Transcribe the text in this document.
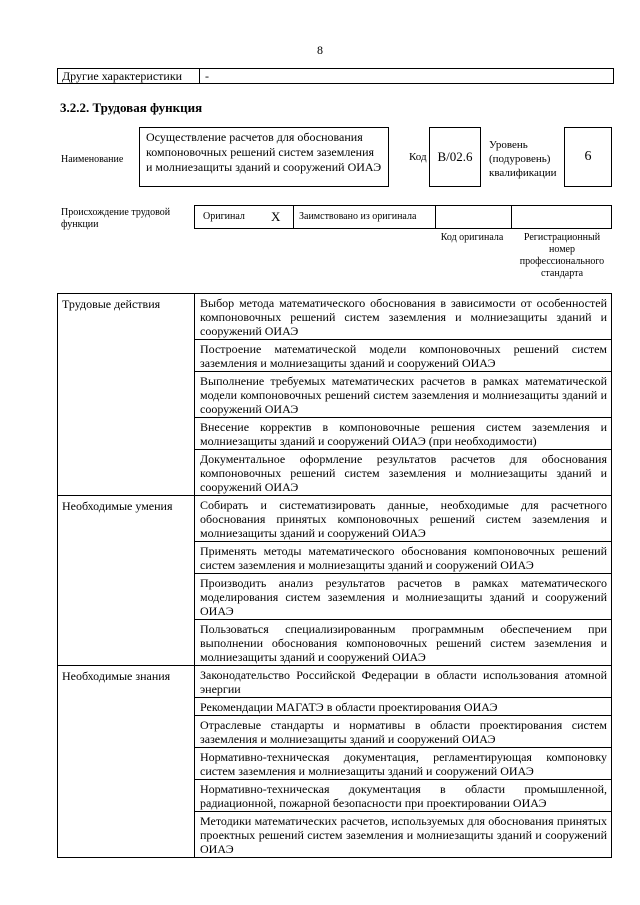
8
Другие характеристики -
3.2.2. Трудовая функция
Наименование
Осуществление расчетов для обоснования компоновочных решений систем заземления и молниезащиты зданий и сооружений ОИАЭ
Код B/02.6
Уровень
(подуровень)
квалификации
6
Происхождение трудовой функции
Оригинал X Заимствовано из оригинала
Код оригинала	Регистрационный номер профессионального стандарта
Трудовые действия	Выбор метода математического обоснования в зависимости от особенностей компоновочных решений систем заземления и молниезащиты зданий и сооружений ОИАЭ
Построение математической модели компоновочных решений систем заземления и молниезащиты зданий и сооружений ОИАЭ
Выполнение требуемых математических расчетов в рамках математической модели компоновочных решений систем заземления и молниезащиты зданий и сооружений ОИАЭ
Внесение корректив в компоновочные решения систем заземления и молниезащиты зданий и сооружений ОИАЭ (при необходимости)
Документальное оформление результатов расчетов для обоснования компоновочных решений систем заземления и молниезащиты зданий и сооружений ОИАЭ
Необходимые умения	Собирать и систематизировать данные, необходимые для расчетного обоснования принятых компоновочных решений систем заземления и молниезащиты зданий и сооружений ОИАЭ
Применять методы математического обоснования компоновочных решений систем заземления и молниезащиты зданий и сооружений ОИАЭ
Производить анализ результатов расчетов в рамках математического моделирования систем заземления и молниезащиты зданий и сооружений ОИАЭ
Пользоваться специализированным программным обеспечением при выполнении обоснования компоновочных решений систем заземления и молниезащиты зданий и сооружений ОИАЭ
Необходимые знания	Законодательство Российской Федерации в области использования атомной энергии
Рекомендации МАГАТЭ в области проектирования ОИАЭ
Отраслевые стандарты и нормативы в области проектирования систем заземления и молниезащиты зданий и сооружений ОИАЭ
Нормативно-техническая документация, регламентирующая компоновку систем заземления и молниезащиты зданий и сооружений ОИАЭ
Нормативно-техническая документация в области промышленной, радиационной, пожарной безопасности при проектировании ОИАЭ
Методики математических расчетов, используемых для обоснования принятых проектных решений систем заземления и молниезащиты зданий и сооружений ОИАЭ
